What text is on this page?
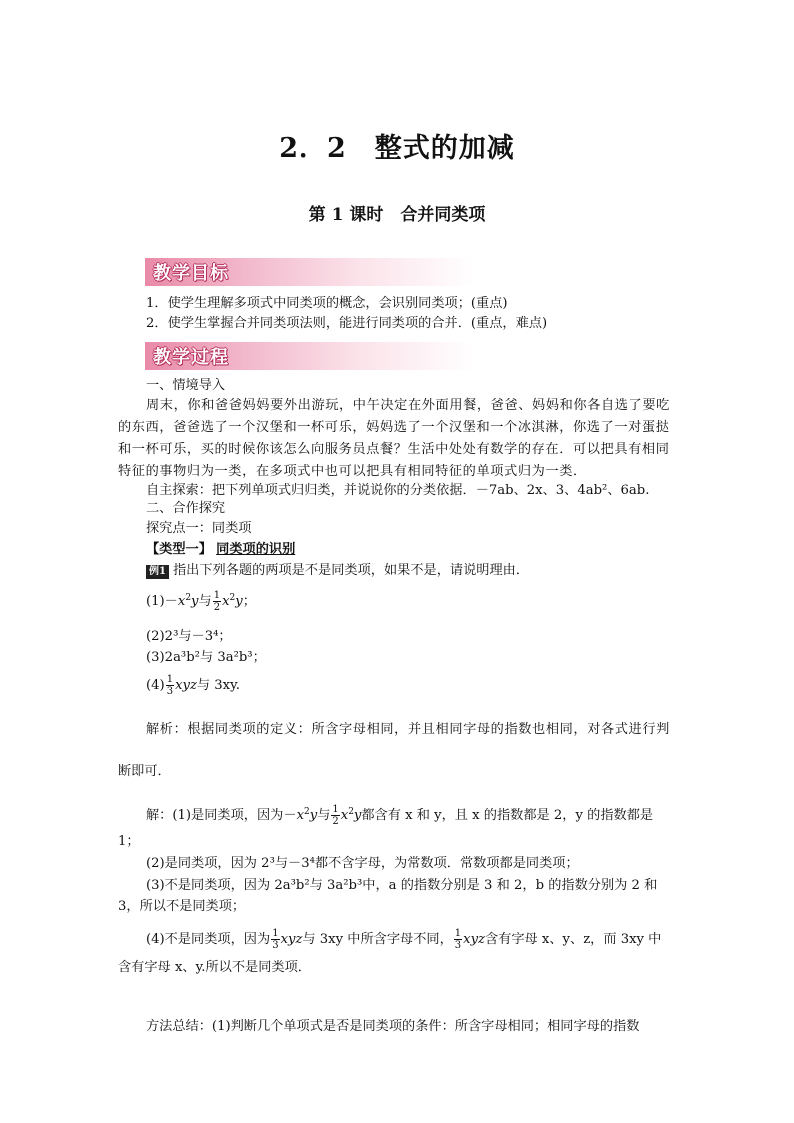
2．2　整式的加减
第 1 课时　合并同类项
教学目标
1．使学生理解多项式中同类项的概念，会识别同类项；(重点)
2．使学生掌握合并同类项法则，能进行同类项的合并．(重点，难点)
教学过程
一、情境导入
周末，你和爸爸妈妈要外出游玩，中午决定在外面用餐，爸爸、妈妈和你各自选了要吃
的东西，爸爸选了一个汉堡和一杯可乐，妈妈选了一个汉堡和一个冰淇淋，你选了一对蛋挞
和一杯可乐，买的时候你该怎么向服务员点餐？生活中处处有数学的存在．可以把具有相同
特征的事物归为一类，在多项式中也可以把具有相同特征的单项式归为一类．
自主探索：把下列单项式归归类，并说说你的分类依据．－7ab、2x、3、4ab²、6ab.
二、合作探究
探究点一：同类项
【类型一】 同类项的识别
例1 指出下列各题的两项是不是同类项，如果不是，请说明理由．
$(1)-x^2y$与 $\frac{1}{2} x^2y$；
(2)2³与－3⁴；
(3)2a³b²与 3a²b³；
$(4) \frac{1}{3}$ xyz与 3xy.
解析：根据同类项的定义：所含字母相同，并且相同字母的指数也相同，对各式进行判
断即可．
解：(1)是同类项，因为$-x^2y$与 $\frac{1}{2} x^2y$都含有 x 和 y，且 x 的指数都是 2，y 的指数都是
1；
(2)是同类项，因为 2³与－3⁴都不含字母，为常数项．常数项都是同类项；
(3)不是同类项，因为 2a³b²与 3a²b³中，a 的指数分别是 3 和 2，b 的指数分别为 2 和
3，所以不是同类项；
(4)不是同类项，因为 $\frac{1}{3}$ xyz与 3xy 中所含字母不同， $\frac{1}{3}$ xyz含有字母 x、y、z，而 3xy 中
含有字母 x、y.所以不是同类项．
方法总结：(1)判断几个单项式是否是同类项的条件：所含字母相同；相同字母的指数
